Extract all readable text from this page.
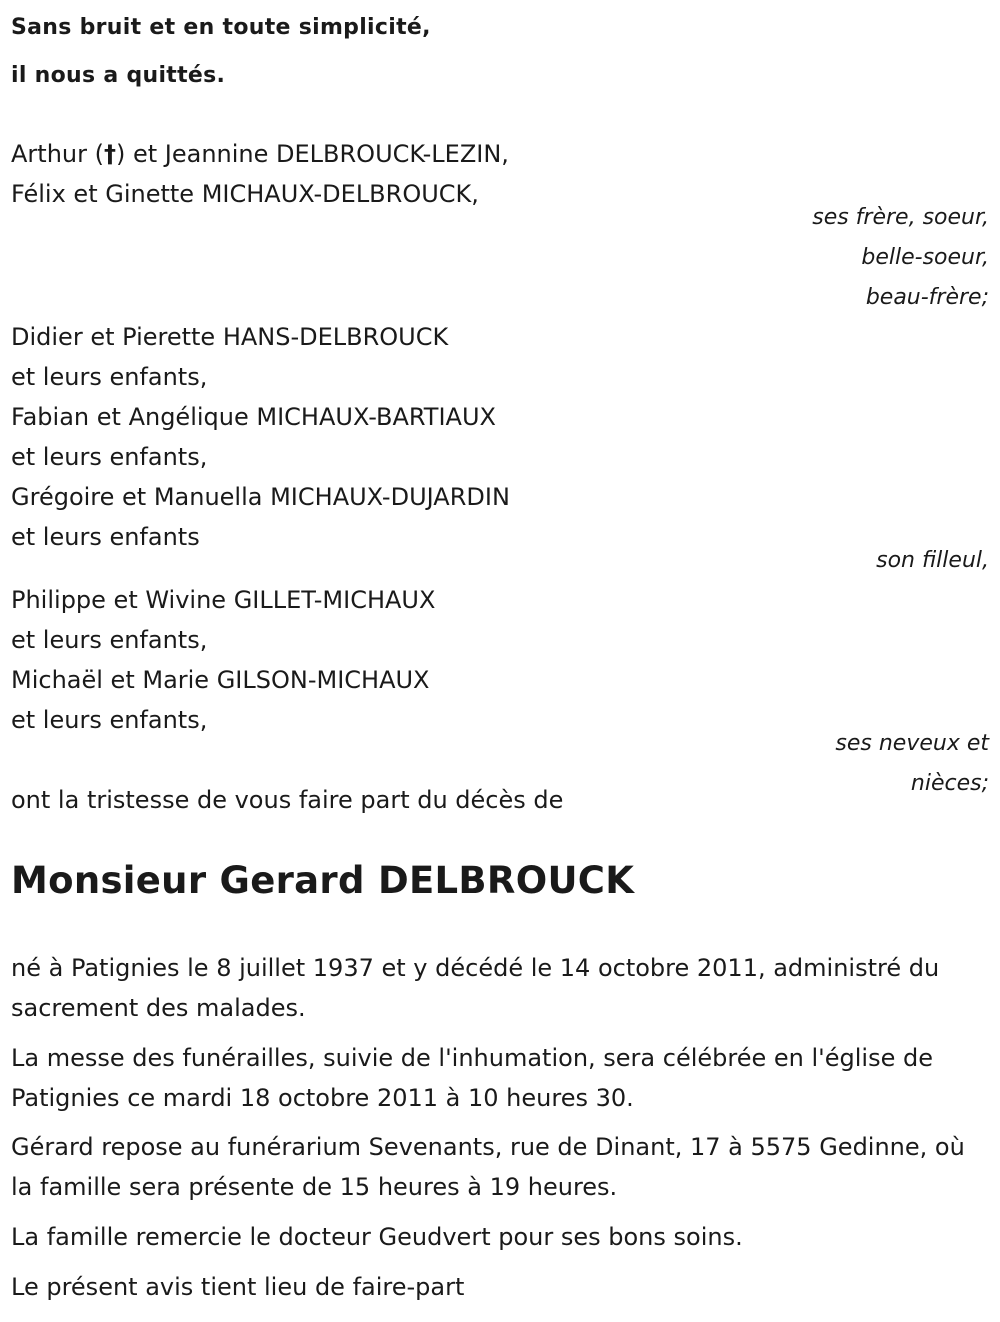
Sans bruit et en toute simplicité,
il nous a quittés.
Arthur (†) et Jeannine DELBROUCK-LEZIN,
Félix et Ginette MICHAUX-DELBROUCK,
ses frère, soeur,
belle-soeur,
beau-frère;
Didier et Pierette HANS-DELBROUCK
et leurs enfants,
Fabian et Angélique MICHAUX-BARTIAUX
et leurs enfants,
Grégoire et Manuella MICHAUX-DUJARDIN
et leurs enfants
son filleul,
Philippe et Wivine GILLET-MICHAUX
et leurs enfants,
Michaël et Marie GILSON-MICHAUX
et leurs enfants,
ses neveux et
nièces;
ont la tristesse de vous faire part du décès de
Monsieur Gerard DELBROUCK
né à Patignies le 8 juillet 1937 et y décédé le 14 octobre 2011, administré du sacrement des malades.
La messe des funérailles, suivie de l'inhumation, sera célébrée en l'église de Patignies ce mardi 18 octobre 2011 à 10 heures 30.
Gérard repose au funérarium Sevenants, rue de Dinant, 17 à 5575 Gedinne, où la famille sera présente de 15 heures à 19 heures.
La famille remercie le docteur Geudvert pour ses bons soins.
Le présent avis tient lieu de faire-part
